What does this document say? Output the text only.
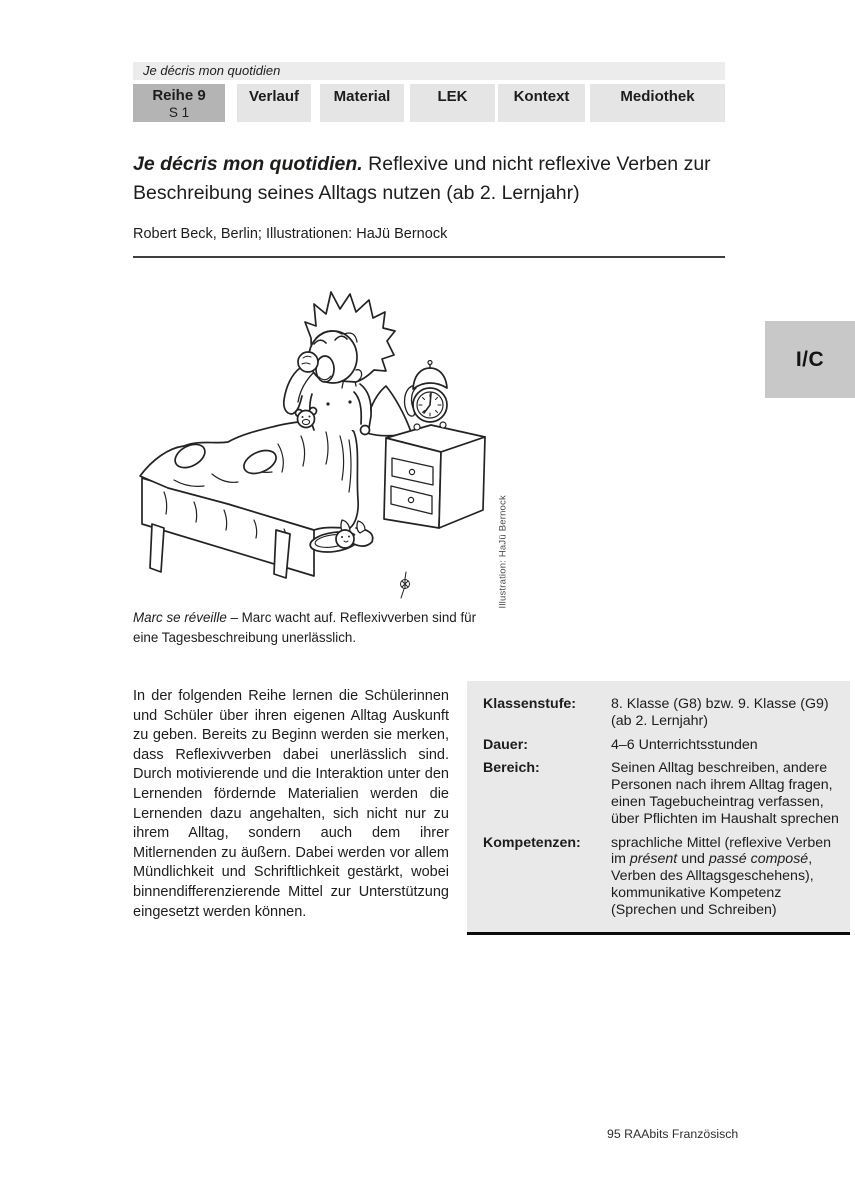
Je décris mon quotidien
Reihe 9
S 1
Verlauf	Material	LEK	Kontext	Mediothek
Je décris mon quotidien. Reflexive und nicht reflexive Verben zur Beschreibung seines Alltags nutzen (ab 2. Lernjahr)

Robert Beck, Berlin; Illustrationen: HaJü Bernock

Illustration: HaJü Bernock
I/C

Marc se réveille – Marc wacht auf. Reflexivverben sind für eine Tagesbeschreibung unerlässlich.

In der folgenden Reihe lernen die Schülerinnen und Schüler über ihren eigenen Alltag Auskunft zu geben. Bereits zu Beginn werden sie merken, dass Reflexivverben dabei unerlässlich sind. Durch motivierende und die Interaktion unter den Lernenden fördernde Materialien werden die Lernenden dazu angehalten, sich nicht nur zu ihrem Alltag, sondern auch dem ihrer Mitlernenden zu äußern. Dabei werden vor allem Mündlichkeit und Schriftlichkeit gestärkt, wobei binnendifferenzierende Mittel zur Unterstützung eingesetzt werden können.

Klassenstufe:	8. Klasse (G8) bzw. 9. Klasse (G9) (ab 2. Lernjahr)
Dauer:	4–6 Unterrichtsstunden
Bereich:	Seinen Alltag beschreiben, andere Personen nach ihrem Alltag fragen, einen Tagebucheintrag verfassen, über Pflichten im Haushalt sprechen
Kompetenzen:	sprachliche Mittel (reflexive Verben im présent und passé composé, Verben des Alltagsgeschehens), kommunikative Kompetenz (Sprechen und Schreiben)
95 RAAbits Französisch
